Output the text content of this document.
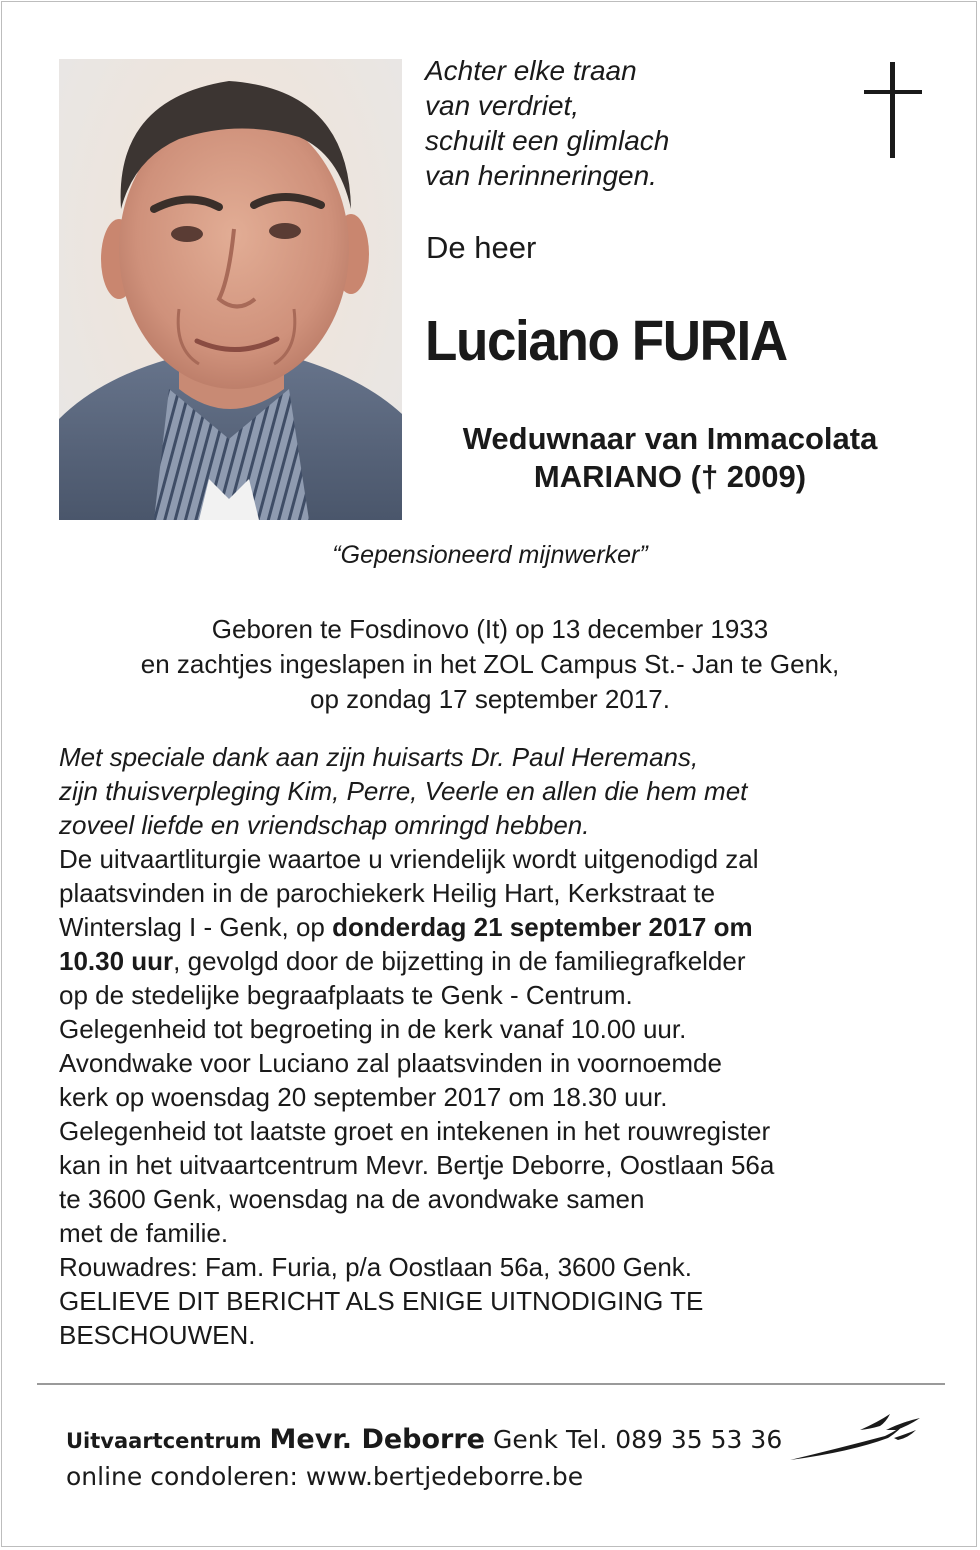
Achter elke traan
van verdriet,
schuilt een glimlach
van herinneringen.
De heer
Luciano FURIA
Weduwnaar van Immacolata
MARIANO († 2009)
“Gepensioneerd mijnwerker”
Geboren te Fosdinovo (It) op 13 december 1933
en zachtjes ingeslapen in het ZOL Campus St.- Jan te Genk,
op zondag 17 september 2017.
Met speciale dank aan zijn huisarts Dr. Paul Heremans,
zijn thuisverpleging Kim, Perre, Veerle en allen die hem met
zoveel liefde en vriendschap omringd hebben.
De uitvaartliturgie waartoe u vriendelijk wordt uitgenodigd zal
plaatsvinden in de parochiekerk Heilig Hart, Kerkstraat te
Winterslag I - Genk, op donderdag 21 september 2017 om
10.30 uur, gevolgd door de bijzetting in de familiegrafkelder
op de stedelijke begraafplaats te Genk - Centrum.
Gelegenheid tot begroeting in de kerk vanaf 10.00 uur.
Avondwake voor Luciano zal plaatsvinden in voornoemde
kerk op woensdag 20 september 2017 om 18.30 uur.
Gelegenheid tot laatste groet en intekenen in het rouwregister
kan in het uitvaartcentrum Mevr. Bertje Deborre, Oostlaan 56a
te 3600 Genk, woensdag na de avondwake samen
met de familie.
Rouwadres: Fam. Furia, p/a Oostlaan 56a, 3600 Genk.
GELIEVE DIT BERICHT ALS ENIGE UITNODIGING TE
BESCHOUWEN.
Uitvaartcentrum Mevr. Deborre Genk Tel. 089 35 53 36
online condoleren: www.bertjedeborre.be
